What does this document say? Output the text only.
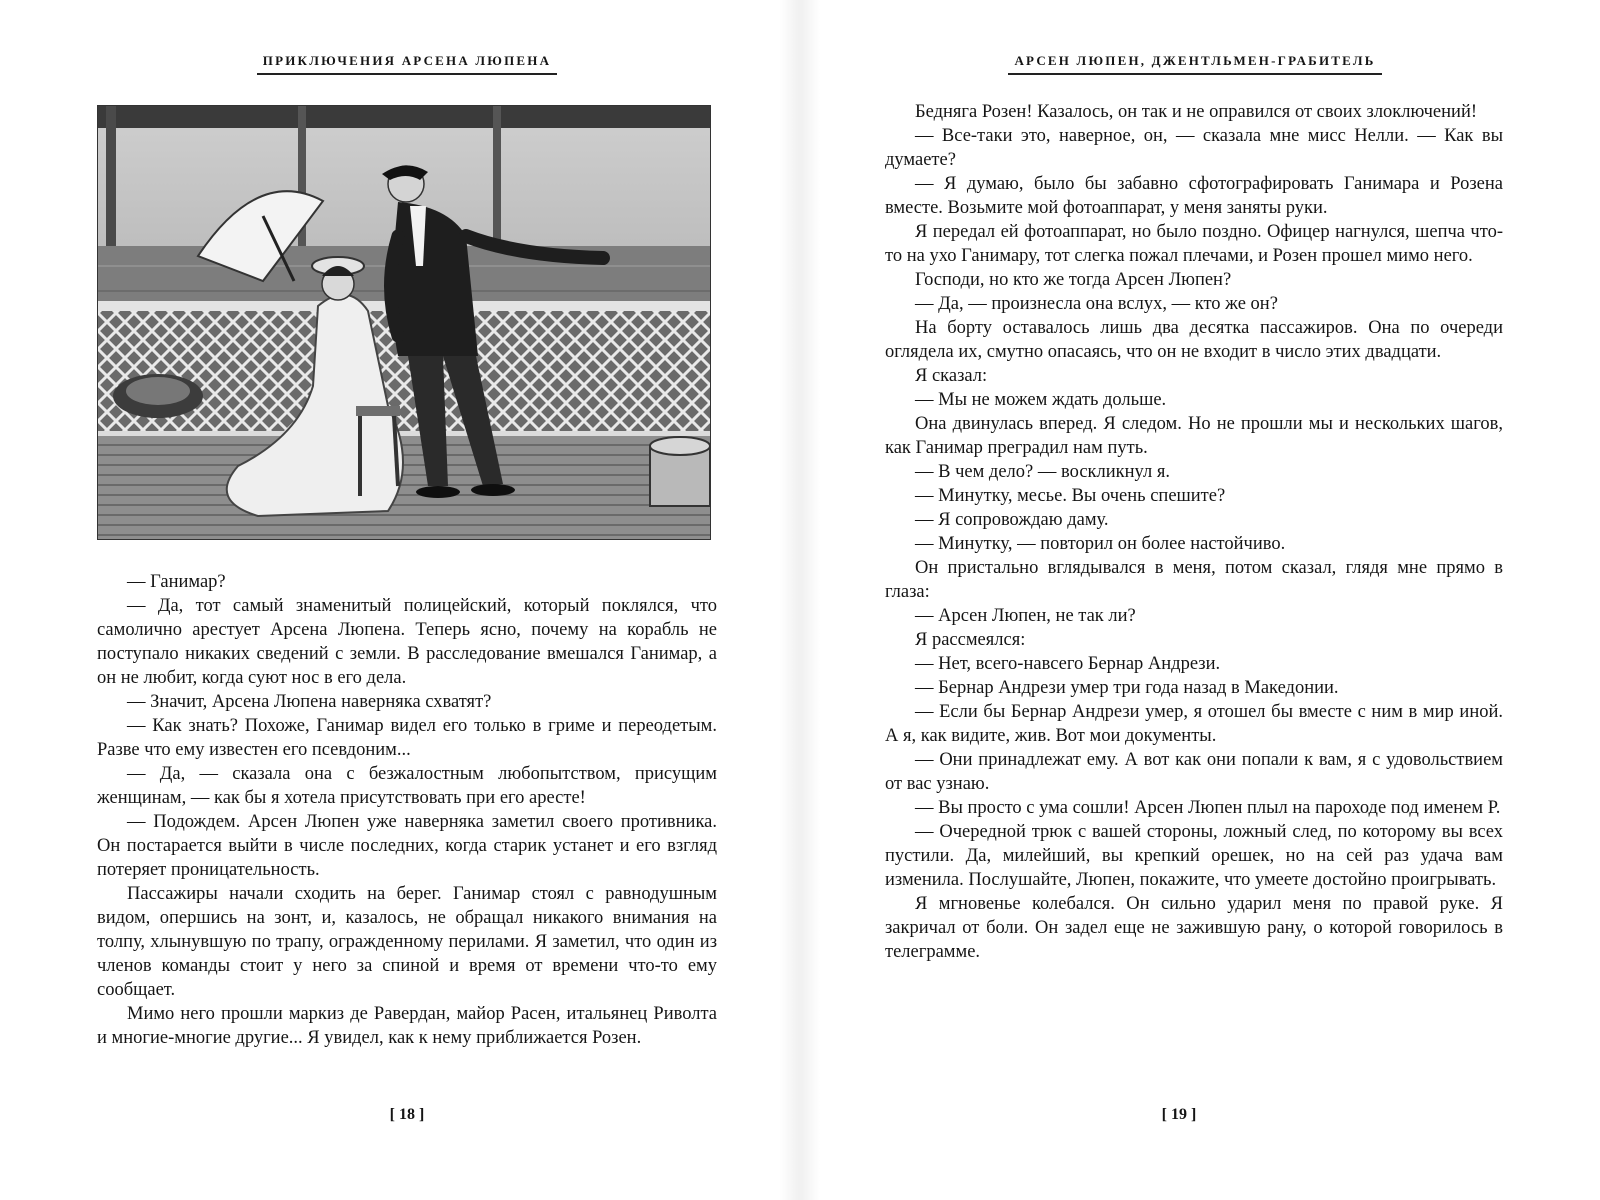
ПРИКЛЮЧЕНИЯ АРСЕНА ЛЮПЕНА

— Ганимар?

— Да, тот самый знаменитый полицейский, который поклялся, что самолично арестует Арсена Люпена. Теперь ясно, почему на корабль не поступало никаких сведений с земли. В расследование вмешался Ганимар, а он не любит, когда суют нос в его дела.

— Значит, Арсена Люпена наверняка схватят?

— Как знать? Похоже, Ганимар видел его только в гриме и переодетым. Разве что ему известен его псевдоним...

— Да, — сказала она с безжалостным любопытством, присущим женщинам, — как бы я хотела присутствовать при его аресте!

— Подождем. Арсен Люпен уже наверняка заметил своего противника. Он постарается выйти в числе последних, когда старик устанет и его взгляд потеряет проницательность.

Пассажиры начали сходить на берег. Ганимар стоял с равнодушным видом, опершись на зонт, и, казалось, не обращал никакого внимания на толпу, хлынувшую по трапу, огражденному перилами. Я заметил, что один из членов команды стоит у него за спиной и время от времени что-то ему сообщает.

Мимо него прошли маркиз де Равердан, майор Расен, итальянец Риволта и многие-многие другие... Я увидел, как к нему приближается Розен.

[ 18 ]
АРСЕН ЛЮПЕН, ДЖЕНТЛЬМЕН-ГРАБИТЕЛЬ

Бедняга Розен! Казалось, он так и не оправился от своих злоключений!

— Все-таки это, наверное, он, — сказала мне мисс Нелли. — Как вы думаете?

— Я думаю, было бы забавно сфотографировать Ганимара и Розена вместе. Возьмите мой фотоаппарат, у меня заняты руки.

Я передал ей фотоаппарат, но было поздно. Офицер нагнулся, шепча что-то на ухо Ганимару, тот слегка пожал плечами, и Розен прошел мимо него.

Господи, но кто же тогда Арсен Люпен?

— Да, — произнесла она вслух, — кто же он?

На борту оставалось лишь два десятка пассажиров. Она по очереди оглядела их, смутно опасаясь, что он не входит в число этих двадцати.

Я сказал:

— Мы не можем ждать дольше.

Она двинулась вперед. Я следом. Но не прошли мы и нескольких шагов, как Ганимар преградил нам путь.

— В чем дело? — воскликнул я.

— Минутку, месье. Вы очень спешите?

— Я сопровождаю даму.

— Минутку, — повторил он более настойчиво.

Он пристально вглядывался в меня, потом сказал, глядя мне прямо в глаза:

— Арсен Люпен, не так ли?

Я рассмеялся:

— Нет, всего-навсего Бернар Андрези.

— Бернар Андрези умер три года назад в Македонии.

— Если бы Бернар Андрези умер, я отошел бы вместе с ним в мир иной. А я, как видите, жив. Вот мои документы.

— Они принадлежат ему. А вот как они попали к вам, я с удовольствием от вас узнаю.

— Вы просто с ума сошли! Арсен Люпен плыл на пароходе под именем Р.

— Очередной трюк с вашей стороны, ложный след, по которому вы всех пустили. Да, милейший, вы крепкий орешек, но на сей раз удача вам изменила. Послушайте, Люпен, покажите, что умеете достойно проигрывать.

Я мгновенье колебался. Он сильно ударил меня по правой руке. Я закричал от боли. Он задел еще не зажившую рану, о которой говорилось в телеграмме.

[ 19 ]
